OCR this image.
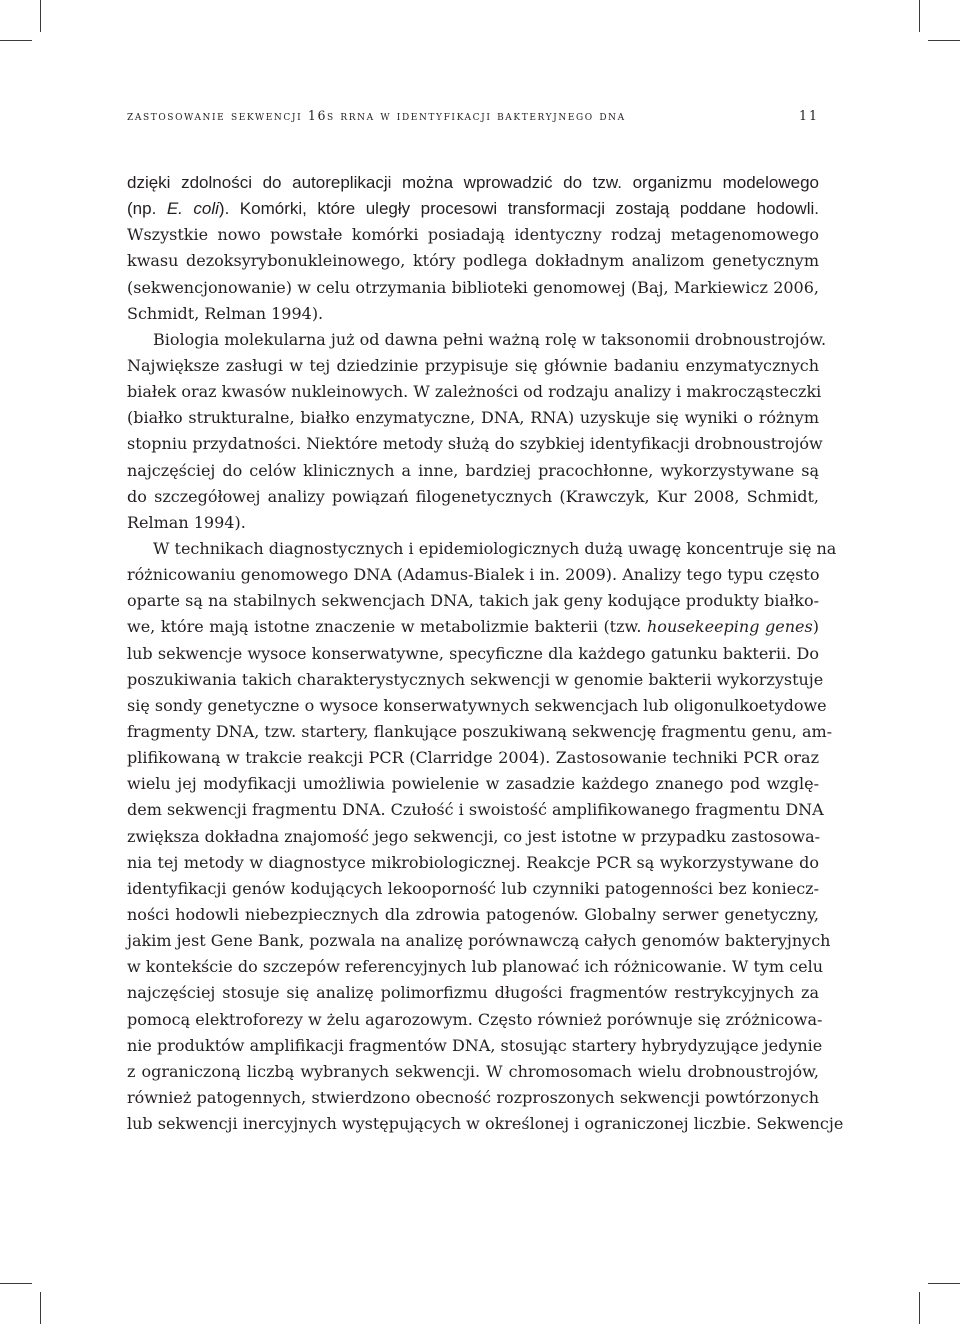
zastosowanie sekwencji 16s rrna w identyfikacji bakteryjnego dna	11
dzięki zdolności do autoreplikacji można wprowadzić do tzw. organizmu modelowego
(np. E. coli). Komórki, które uległy procesowi transformacji zostają poddane hodowli.
Wszystkie nowo powstałe komórki posiadają identyczny rodzaj metagenomowego
kwasu dezoksyrybonukleinowego, który podlega dokładnym analizom genetycznym
(sekwencjonowanie) w celu otrzymania biblioteki genomowej (Baj, Markiewicz 2006,
Schmidt, Relman 1994).
Biologia molekularna już od dawna pełni ważną rolę w taksonomii drobnoustrojów.
Największe zasługi w tej dziedzinie przypisuje się głównie badaniu enzymatycznych
białek oraz kwasów nukleinowych. W zależności od rodzaju analizy i makrocząsteczki
(białko strukturalne, białko enzymatyczne, DNA, RNA) uzyskuje się wyniki o różnym
stopniu przydatności. Niektóre metody służą do szybkiej identyfikacji drobnoustrojów
najczęściej do celów klinicznych a inne, bardziej pracochłonne, wykorzystywane są
do szczegółowej analizy powiązań filogenetycznych (Krawczyk, Kur 2008, Schmidt,
Relman 1994).
W technikach diagnostycznych i epidemiologicznych dużą uwagę koncentruje się na
różnicowaniu genomowego DNA (Adamus-Bialek i in. 2009). Analizy tego typu często
oparte są na stabilnych sekwencjach DNA, takich jak geny kodujące produkty białko-
we, które mają istotne znaczenie w metabolizmie bakterii (tzw. housekeeping genes)
lub sekwencje wysoce konserwatywne, specyficzne dla każdego gatunku bakterii. Do
poszukiwania takich charakterystycznych sekwencji w genomie bakterii wykorzystuje
się sondy genetyczne o wysoce konserwatywnych sekwencjach lub oligonulkoetydowe
fragmenty DNA, tzw. startery, flankujące poszukiwaną sekwencję fragmentu genu, am-
plifikowaną w trakcie reakcji PCR (Clarridge 2004). Zastosowanie techniki PCR oraz
wielu jej modyfikacji umożliwia powielenie w zasadzie każdego znanego pod wzglę-
dem sekwencji fragmentu DNA. Czułość i swoistość amplifikowanego fragmentu DNA
zwiększa dokładna znajomość jego sekwencji, co jest istotne w przypadku zastosowa-
nia tej metody w diagnostyce mikrobiologicznej. Reakcje PCR są wykorzystywane do
identyfikacji genów kodujących lekooporność lub czynniki patogenności bez koniecz-
ności hodowli niebezpiecznych dla zdrowia patogenów. Globalny serwer genetyczny,
jakim jest Gene Bank, pozwala na analizę porównawczą całych genomów bakteryjnych
w kontekście do szczepów referencyjnych lub planować ich różnicowanie. W tym celu
najczęściej stosuje się analizę polimorfizmu długości fragmentów restrykcyjnych za
pomocą elektroforezy w żelu agarozowym. Często również porównuje się zróżnicowa-
nie produktów amplifikacji fragmentów DNA, stosując startery hybrydyzujące jedynie
z ograniczoną liczbą wybranych sekwencji. W chromosomach wielu drobnoustrojów,
również patogennych, stwierdzono obecność rozproszonych sekwencji powtórzonych
lub sekwencji inercyjnych występujących w określonej i ograniczonej liczbie. Sekwencje
